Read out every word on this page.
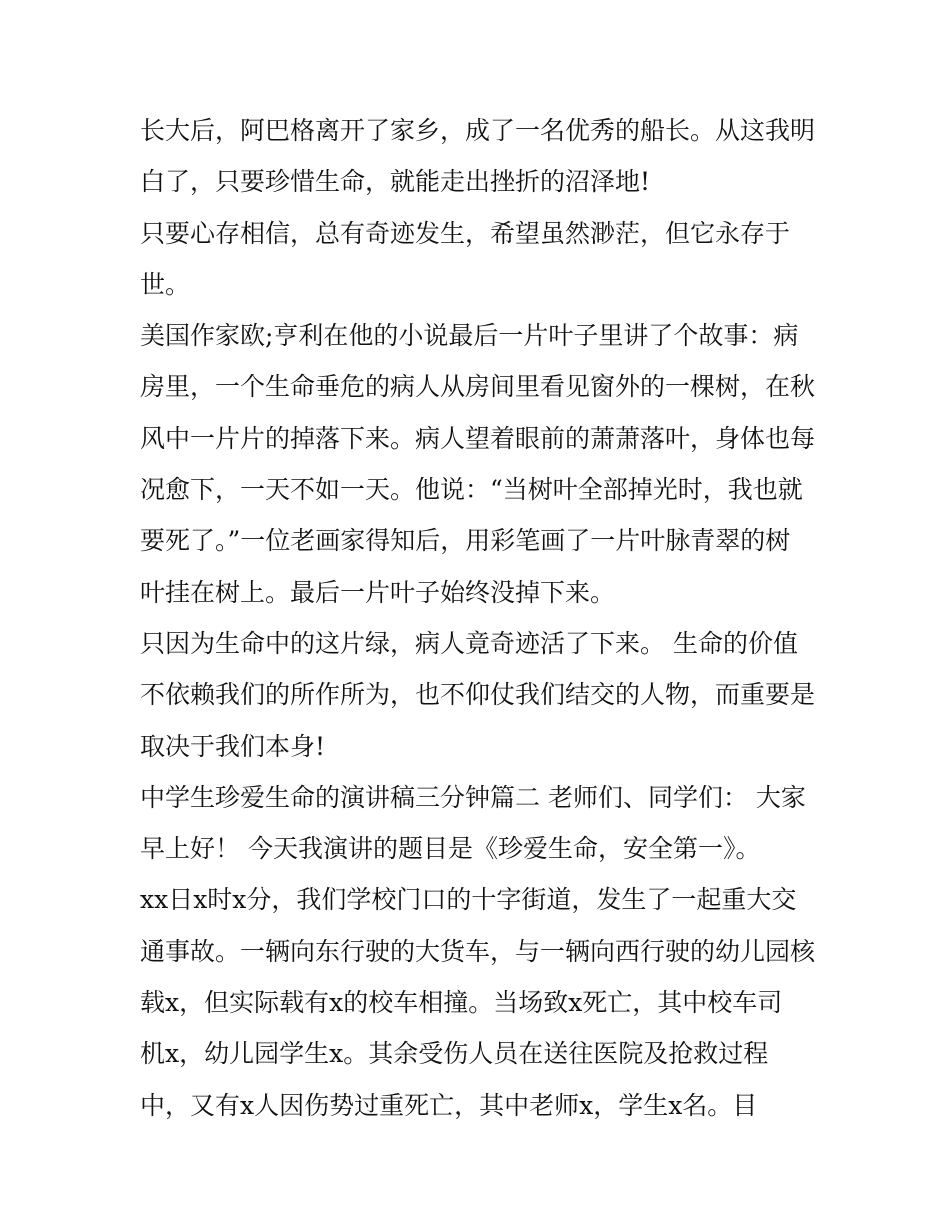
长大后，阿巴格离开了家乡，成了一名优秀的船长。从这我明
白了，只要珍惜生命，就能走出挫折的沼泽地!
只要心存相信，总有奇迹发生，希望虽然渺茫，但它永存于
世。
美国作家欧;亨利在他的小说最后一片叶子里讲了个故事：病
房里，一个生命垂危的病人从房间里看见窗外的一棵树，在秋
风中一片片的掉落下来。病人望着眼前的萧萧落叶，身体也每
况愈下，一天不如一天。他说：“当树叶全部掉光时，我也就
要死了。”一位老画家得知后，用彩笔画了一片叶脉青翠的树
叶挂在树上。最后一片叶子始终没掉下来。
只因为生命中的这片绿，病人竟奇迹活了下来。 生命的价值
不依赖我们的所作所为，也不仰仗我们结交的人物，而重要是
取决于我们本身!
中学生珍爱生命的演讲稿三分钟篇二 老师们、同学们： 大家
早上好！ 今天我演讲的题目是《珍爱生命，安全第一》。
xx日x时x分，我们学校门口的十字街道，发生了一起重大交
通事故。一辆向东行驶的大货车，与一辆向西行驶的幼儿园核
载x，但实际载有x的校车相撞。当场致x死亡，其中校车司
机x，幼儿园学生x。其余受伤人员在送往医院及抢救过程
中，又有x人因伤势过重死亡，其中老师x，学生x名。目
